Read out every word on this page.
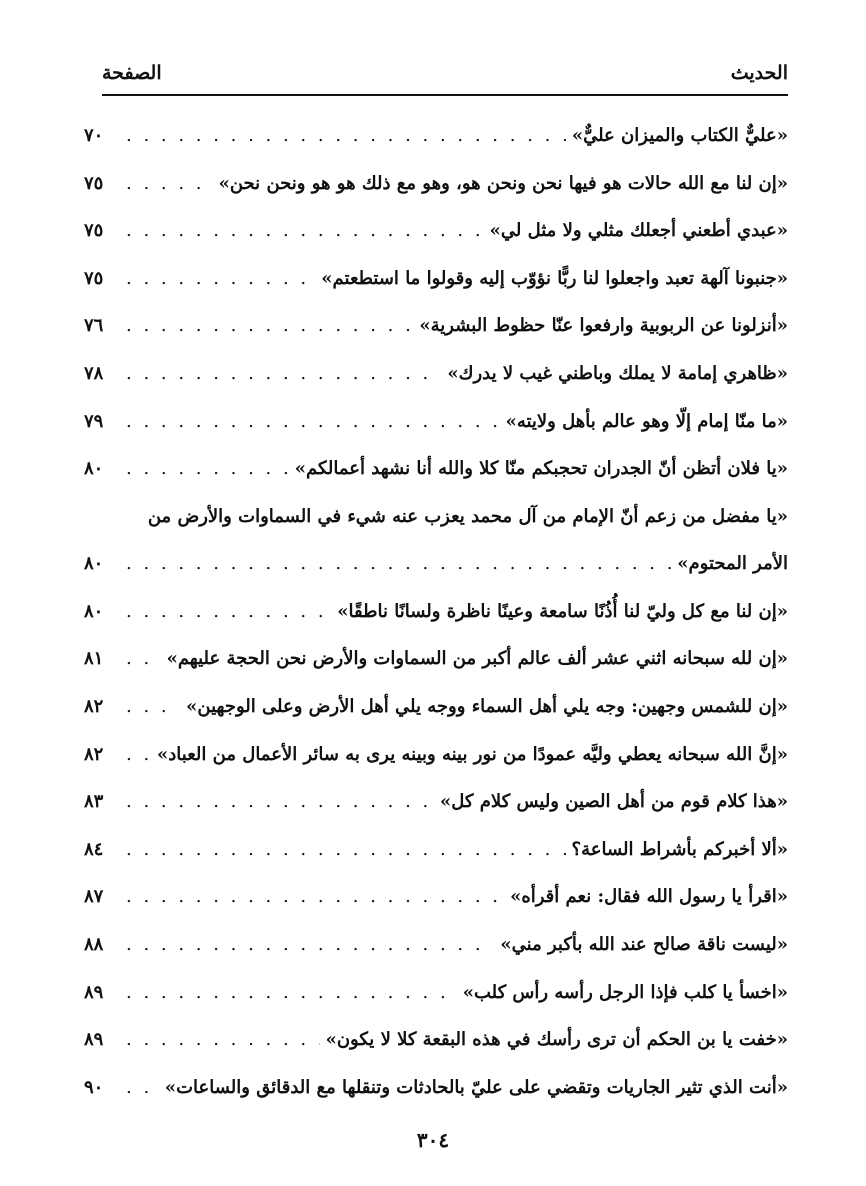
الحديث
الصفحة
«عليٌّ الكتاب والميزان عليٌّ»
. . .
٧٠
«إن لنا مع الله حالات هو فيها نحن ونحن هو، وهو مع ذلك هو هو ونحن نحن»
. . .
٧٥
«عبدي أطعني أجعلك مثلي ولا مثل لي»
. . .
٧٥
«جنبونا آلهة تعبد واجعلوا لنا ربًّا نؤوّب إليه وقولوا ما استطعتم»
. . .
٧٥
«أنزلونا عن الربوبية وارفعوا عنّا حظوط البشرية»
. . .
٧٦
«ظاهري إمامة لا يملك وباطني غيب لا يدرك»
. . .
٧٨
«ما منّا إمام إلّا وهو عالم بأهل ولايته»
. . .
٧٩
«يا فلان أتظن أنّ الجدران تحجبكم منّا كلا والله أنا نشهد أعمالكم»
. . .
٨٠
«يا مفضل من زعم أنّ الإمام من آل محمد يعزب عنه شيء في السماوات والأرض من
الأمر المحتوم»
. . .
٨٠
«إن لنا مع كل وليّ لنا أُذُنًا سامعة وعينًا ناظرة ولسانًا ناطقًا»
. . .
٨٠
«إن لله سبحانه اثني عشر ألف عالم أكبر من السماوات والأرض نحن الحجة عليهم»
. . .
٨١
«إن للشمس وجهين: وجه يلي أهل السماء ووجه يلي أهل الأرض وعلى الوجهين»
. . .
٨٢
«إنَّ الله سبحانه يعطي وليَّه عمودًا من نور بينه وبينه يرى به سائر الأعمال من العباد»
. . .
٨٢
«هذا كلام قوم من أهل الصين وليس كلام كل»
. . .
٨٣
«ألا أخبركم بأشراط الساعة؟
. . .
٨٤
«اقرأ يا رسول الله فقال: نعم أقرأه»
. . .
٨٧
«ليست ناقة صالح عند الله بأكبر مني»
. . .
٨٨
«اخسأ يا كلب فإذا الرجل رأسه رأس كلب»
. . .
٨٩
«خفت يا بن الحكم أن ترى رأسك في هذه البقعة كلا لا يكون»
. . .
٨٩
«أنت الذي تثير الجاريات وتقضي على عليّ بالحادثات وتنقلها مع الدقائق والساعات»
. . .
٩٠
٣٠٤
